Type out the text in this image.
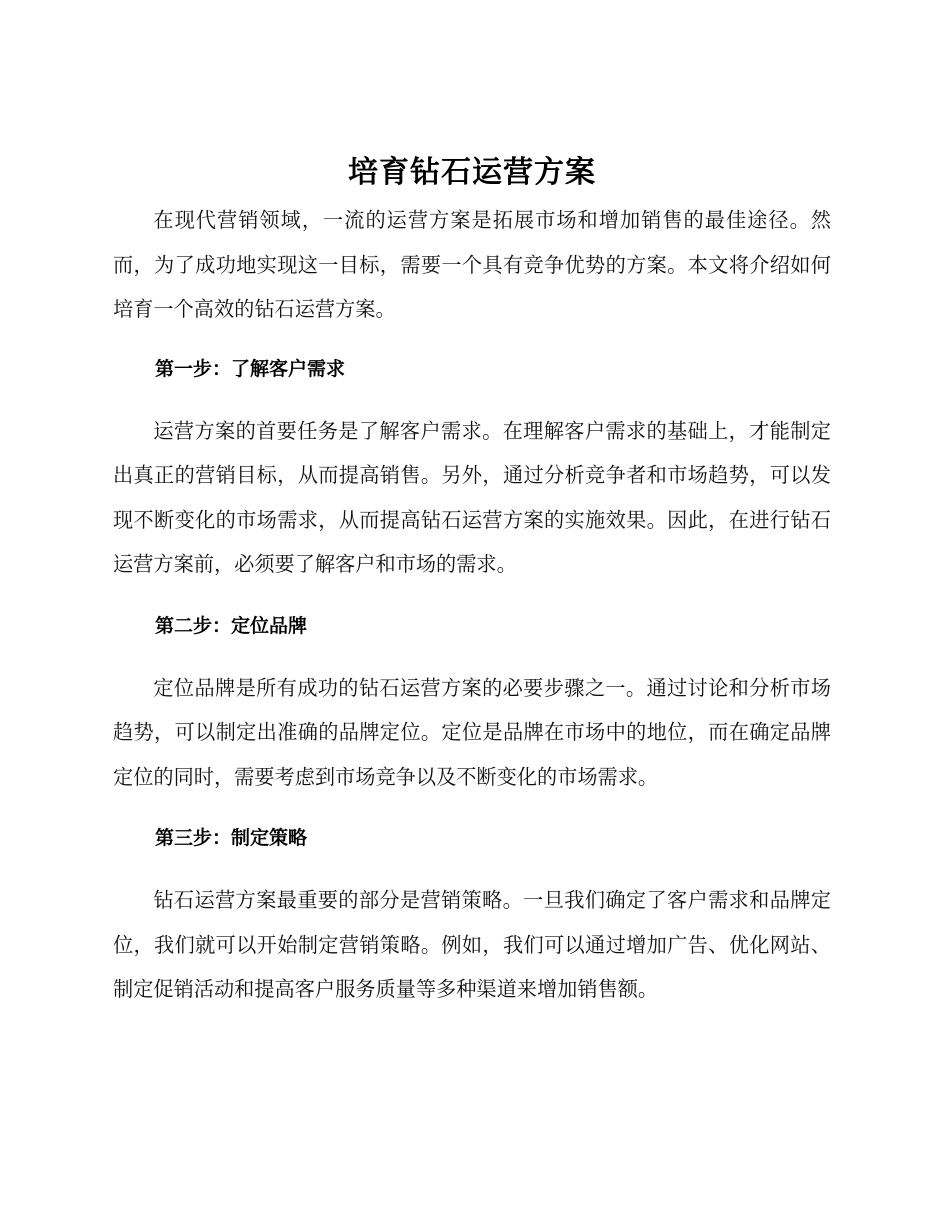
培育钻石运营方案

在现代营销领域，一流的运营方案是拓展市场和增加销售的最佳途径。然而，为了成功地实现这一目标，需要一个具有竞争优势的方案。本文将介绍如何培育一个高效的钻石运营方案。

第一步：了解客户需求

运营方案的首要任务是了解客户需求。在理解客户需求的基础上，才能制定出真正的营销目标，从而提高销售。另外，通过分析竞争者和市场趋势，可以发现不断变化的市场需求，从而提高钻石运营方案的实施效果。因此，在进行钻石运营方案前，必须要了解客户和市场的需求。

第二步：定位品牌

定位品牌是所有成功的钻石运营方案的必要步骤之一。通过讨论和分析市场趋势，可以制定出准确的品牌定位。定位是品牌在市场中的地位，而在确定品牌定位的同时，需要考虑到市场竞争以及不断变化的市场需求。

第三步：制定策略

钻石运营方案最重要的部分是营销策略。一旦我们确定了客户需求和品牌定位，我们就可以开始制定营销策略。例如，我们可以通过增加广告、优化网站、制定促销活动和提高客户服务质量等多种渠道来增加销售额。
